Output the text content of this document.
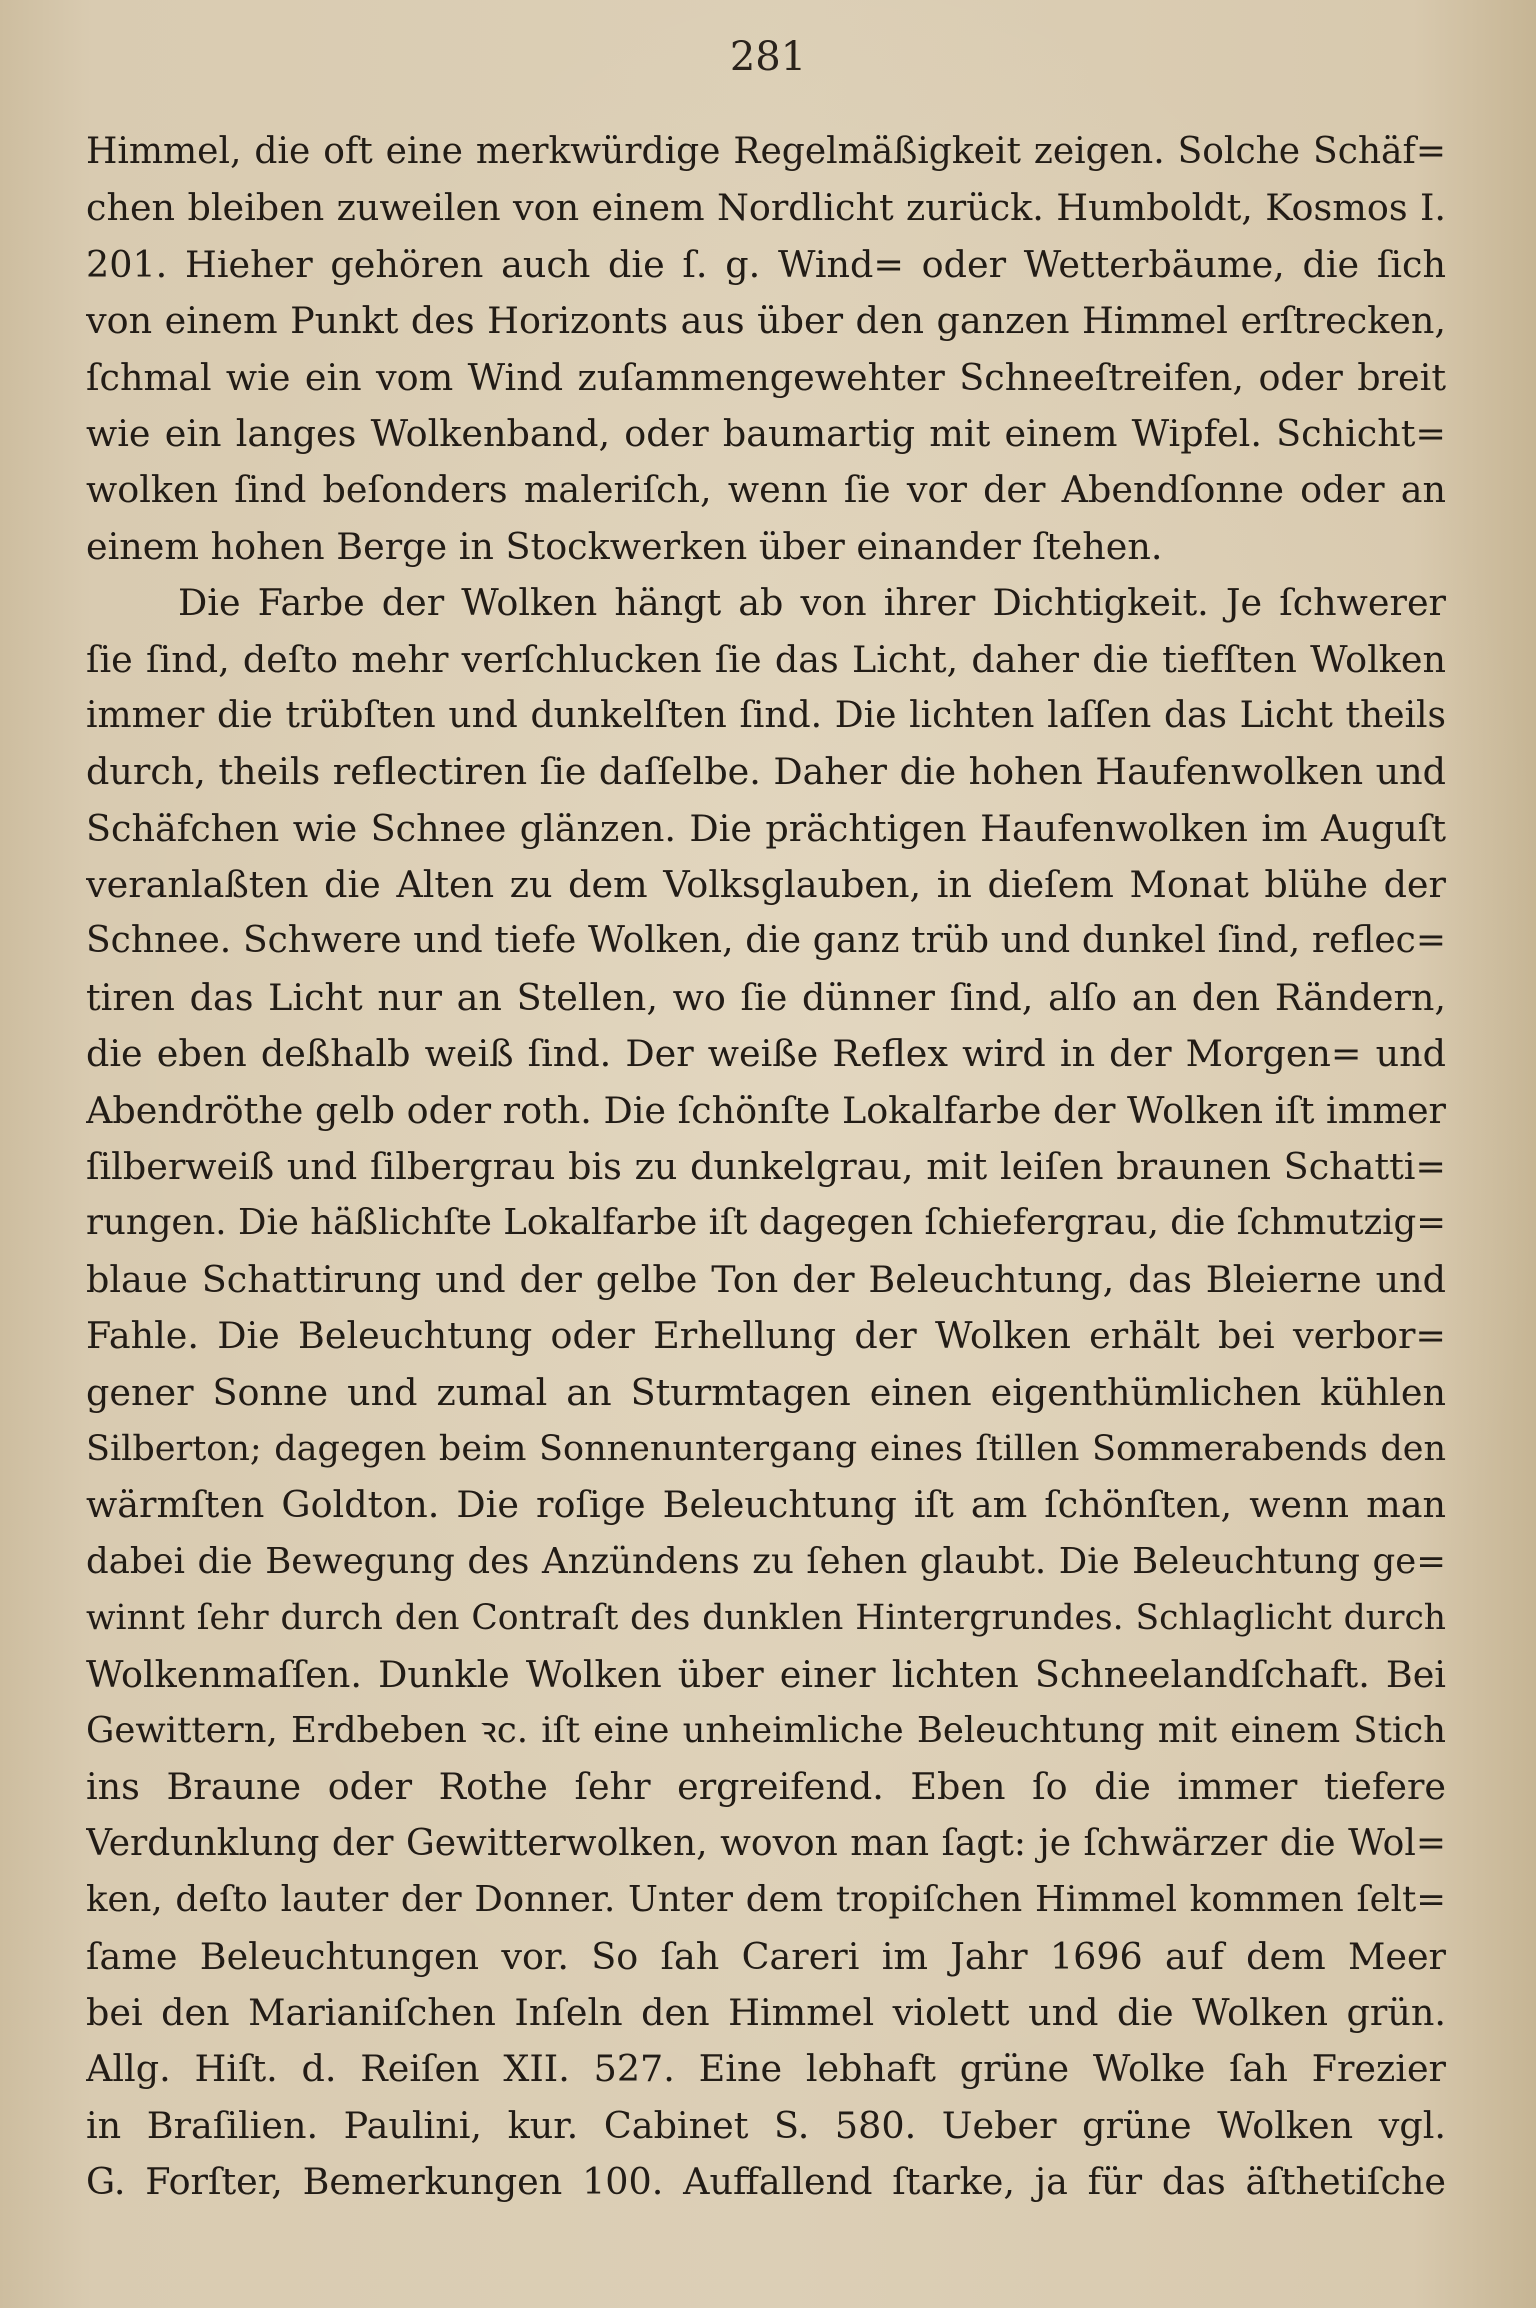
281
Himmel, die oft eine merkwürdige Regelmäßigkeit zeigen. Solche Schäf=
chen bleiben zuweilen von einem Nordlicht zurück. Humboldt, Kosmos I.
201. Hieher gehören auch die ſ. g. Wind= oder Wetterbäume, die ſich
von einem Punkt des Horizonts aus über den ganzen Himmel erſtrecken,
ſchmal wie ein vom Wind zuſammengewehter Schneeſtreifen, oder breit
wie ein langes Wolkenband, oder baumartig mit einem Wipfel. Schicht=
wolken ſind beſonders maleriſch, wenn ſie vor der Abendſonne oder an
einem hohen Berge in Stockwerken über einander ſtehen.
Die Farbe der Wolken hängt ab von ihrer Dichtigkeit. Je ſchwerer
ſie ſind, deſto mehr verſchlucken ſie das Licht, daher die tiefſten Wolken
immer die trübſten und dunkelſten ſind. Die lichten laſſen das Licht theils
durch, theils reflectiren ſie daſſelbe. Daher die hohen Haufenwolken und
Schäfchen wie Schnee glänzen. Die prächtigen Haufenwolken im Auguſt
veranlaßten die Alten zu dem Volksglauben, in dieſem Monat blühe der
Schnee. Schwere und tiefe Wolken, die ganz trüb und dunkel ſind, reflec=
tiren das Licht nur an Stellen, wo ſie dünner ſind, alſo an den Rändern,
die eben deßhalb weiß ſind. Der weiße Reflex wird in der Morgen= und
Abendröthe gelb oder roth. Die ſchönſte Lokalfarbe der Wolken iſt immer
ſilberweiß und ſilbergrau bis zu dunkelgrau, mit leiſen braunen Schatti=
rungen. Die häßlichſte Lokalfarbe iſt dagegen ſchiefergrau, die ſchmutzig=
blaue Schattirung und der gelbe Ton der Beleuchtung, das Bleierne und
Fahle. Die Beleuchtung oder Erhellung der Wolken erhält bei verbor=
gener Sonne und zumal an Sturmtagen einen eigenthümlichen kühlen
Silberton; dagegen beim Sonnenuntergang eines ſtillen Sommerabends den
wärmſten Goldton. Die roſige Beleuchtung iſt am ſchönſten, wenn man
dabei die Bewegung des Anzündens zu ſehen glaubt. Die Beleuchtung ge=
winnt ſehr durch den Contraſt des dunklen Hintergrundes. Schlaglicht durch
Wolkenmaſſen. Dunkle Wolken über einer lichten Schneelandſchaft. Bei
Gewittern, Erdbeben ꝛc. iſt eine unheimliche Beleuchtung mit einem Stich
ins Braune oder Rothe ſehr ergreifend. Eben ſo die immer tiefere
Verdunklung der Gewitterwolken, wovon man ſagt: je ſchwärzer die Wol=
ken, deſto lauter der Donner. Unter dem tropiſchen Himmel kommen ſelt=
ſame Beleuchtungen vor. So ſah Careri im Jahr 1696 auf dem Meer
bei den Marianiſchen Inſeln den Himmel violett und die Wolken grün.
Allg. Hiſt. d. Reiſen XII. 527. Eine lebhaft grüne Wolke ſah Frezier
in Braſilien. Paulini, kur. Cabinet S. 580. Ueber grüne Wolken vgl.
G. Forſter, Bemerkungen 100. Auffallend ſtarke, ja für das äſthetiſche
